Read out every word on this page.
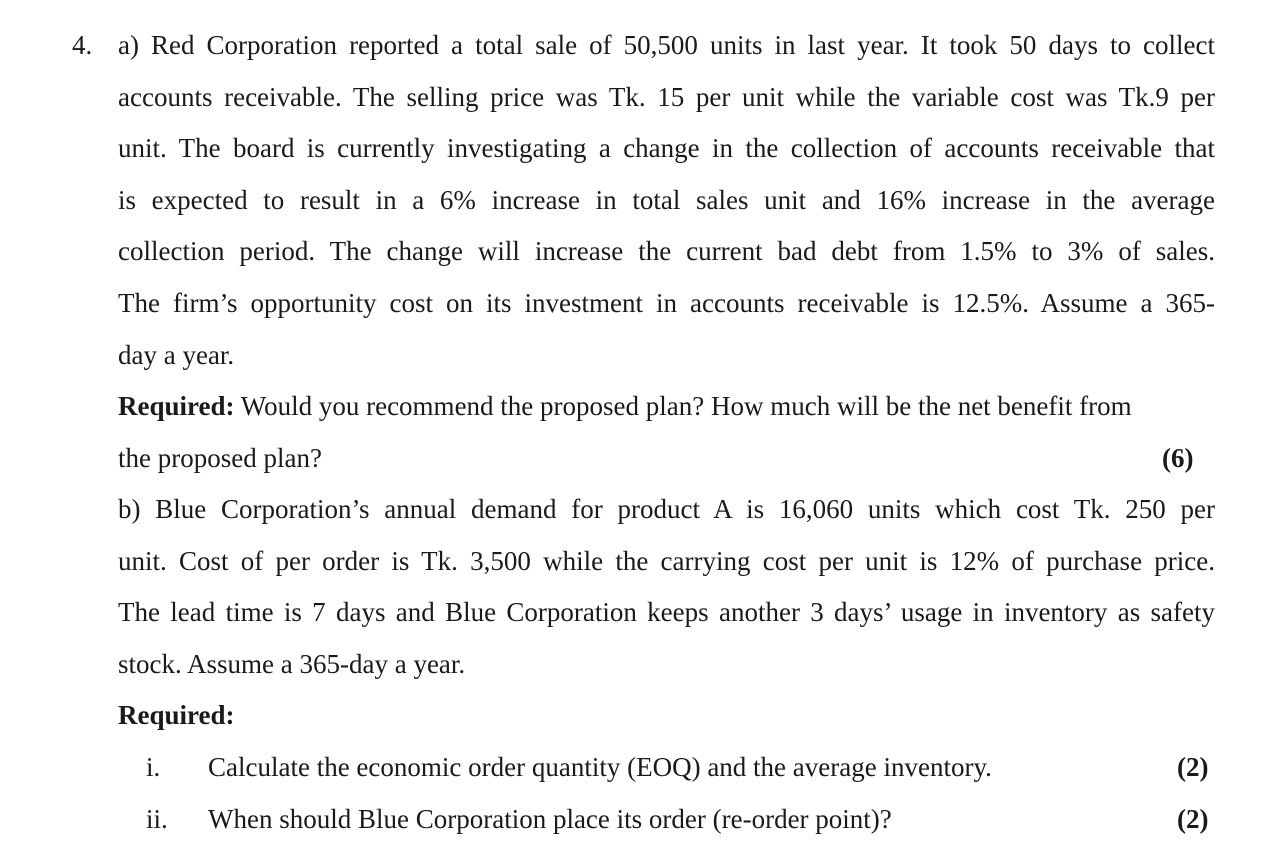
4. a) Red Corporation reported a total sale of 50,500 units in last year. It took 50 days to collect
accounts receivable. The selling price was Tk. 15 per unit while the variable cost was Tk.9 per
unit. The board is currently investigating a change in the collection of accounts receivable that
is expected to result in a 6% increase in total sales unit and 16% increase in the average
collection period. The change will increase the current bad debt from 1.5% to 3% of sales.
The firm’s opportunity cost on its investment in accounts receivable is 12.5%. Assume a 365-
day a year.
Required: Would you recommend the proposed plan? How much will be the net benefit from
the proposed plan?	(6)
b) Blue Corporation’s annual demand for product A is 16,060 units which cost Tk. 250 per
unit. Cost of per order is Tk. 3,500 while the carrying cost per unit is 12% of purchase price.
The lead time is 7 days and Blue Corporation keeps another 3 days’ usage in inventory as safety
stock. Assume a 365-day a year.
Required:
i. Calculate the economic order quantity (EOQ) and the average inventory.	(2)
ii. When should Blue Corporation place its order (re-order point)?	(2)
